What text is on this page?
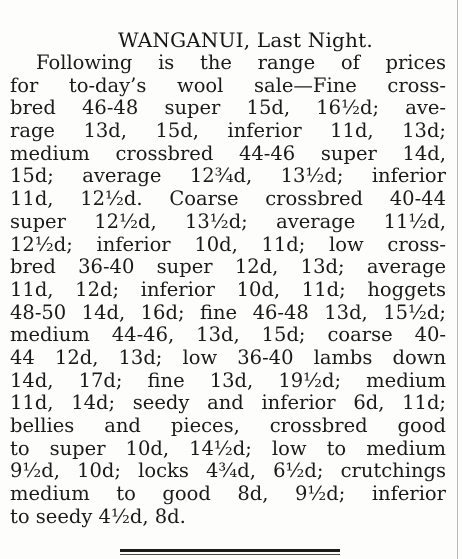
WANGANUI, Last Night.
Following is the range of prices
for to-day’s wool sale—Fine cross-
bred 46-48 super 15d, 16½d; ave-
rage 13d, 15d, inferior 11d, 13d;
medium crossbred 44-46 super 14d,
15d; average 12¾d, 13½d; inferior
11d, 12½d. Coarse crossbred 40-44
super 12½d, 13½d; average 11½d,
12½d; inferior 10d, 11d; low cross-
bred 36-40 super 12d, 13d; average
11d, 12d; inferior 10d, 11d; hoggets
48-50 14d, 16d; fine 46-48 13d, 15½d;
medium 44-46, 13d, 15d; coarse 40-
44 12d, 13d; low 36-40 lambs down
14d, 17d; fine 13d, 19½d; medium
11d, 14d; seedy and inferior 6d, 11d;
bellies and pieces, crossbred good
to super 10d, 14½d; low to medium
9½d, 10d; locks 4¾d, 6½d; crutchings
medium to good 8d, 9½d; inferior
to seedy 4½d, 8d.
